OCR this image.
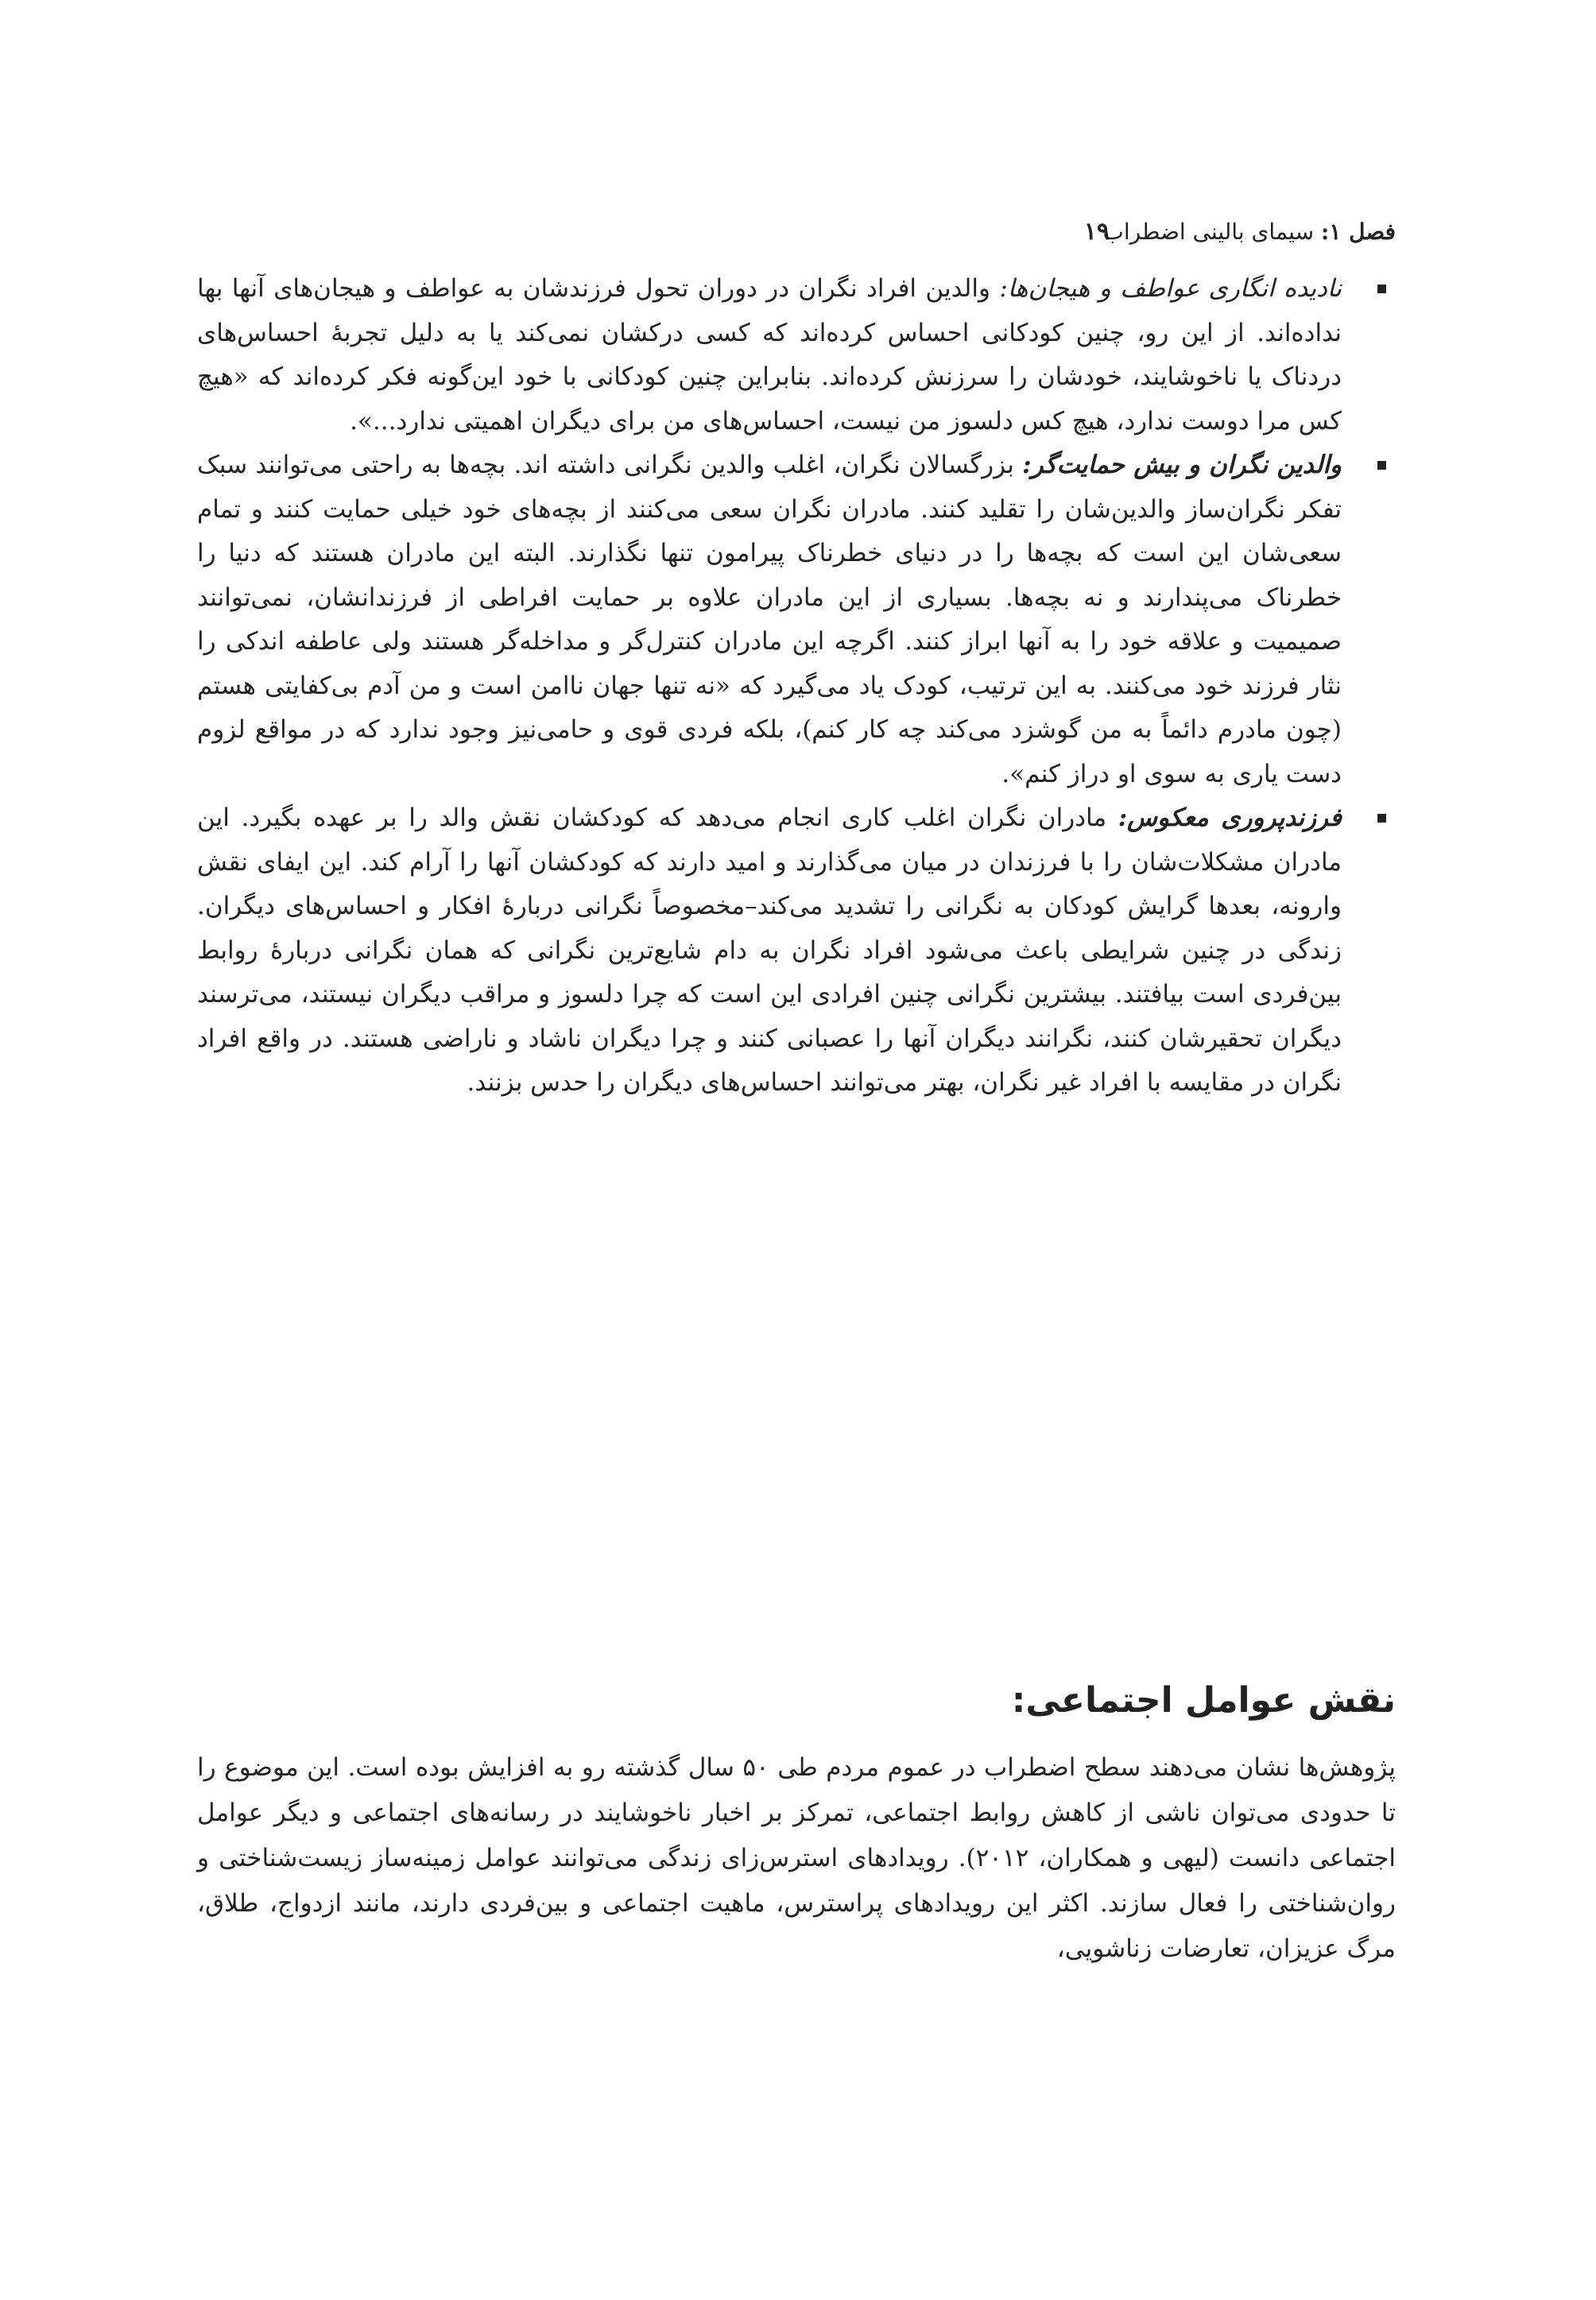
فصل ۱: سیمای بالینی اضطراب
۱۹
نادیده انگاری عواطف و هیجان‌ها: والدین افراد نگران در دوران تحول فرزندشان به عواطف و هیجان‌های آنها بها نداده‌اند. از این رو، چنین کودکانی احساس کرده‌اند که کسی درکشان نمی‌کند یا به دلیل تجربهٔ احساس‌های دردناک یا ناخوشایند، خودشان را سرزنش کرده‌اند. بنابراین چنین کودکانی با خود این‌گونه فکر کرده‌اند که «هیچ کس مرا دوست ندارد، هیچ کس دلسوز من نیست، احساس‌های من برای دیگران اهمیتی ندارد...».
والدین نگران و بیش حمایت‌گر: بزرگسالان نگران، اغلب والدین نگرانی داشته اند. بچه‌ها به راحتی می‌توانند سبک تفکر نگران‌ساز والدین‌شان را تقلید کنند. مادران نگران سعی می‌کنند از بچه‌های خود خیلی حمایت کنند و تمام سعی‌شان این است که بچه‌ها را در دنیای خطرناک پیرامون تنها نگذارند. البته این مادران هستند که دنیا را خطرناک می‌پندارند و نه بچه‌ها. بسیاری از این مادران علاوه بر حمایت افراطی از فرزندانشان، نمی‌توانند صمیمیت و علاقه خود را به آنها ابراز کنند. اگرچه این مادران کنترل‌گر و مداخله‌گر هستند ولی عاطفه اندکی را نثار فرزند خود می‌کنند. به این ترتیب، کودک یاد می‌گیرد که «نه تنها جهان ناامن است و من آدم بی‌کفایتی هستم (چون مادرم دائماً به من گوشزد می‌کند چه کار کنم)، بلکه فردی قوی و حامی‌نیز وجود ندارد که در مواقع لزوم دست یاری به سوی او دراز کنم».
فرزندپروری معکوس: مادران نگران اغلب کاری انجام می‌دهد که کودکشان نقش والد را بر عهده بگیرد. این مادران مشکلات‌شان را با فرزندان در میان می‌گذارند و امید دارند که کودکشان آنها را آرام کند. این ایفای نقش وارونه، بعدها گرایش کودکان به نگرانی را تشدید می‌کند–مخصوصاً نگرانی دربارهٔ افکار و احساس‌های دیگران. زندگی در چنین شرایطی باعث می‌شود افراد نگران به دام شایع‌ترین نگرانی که همان نگرانی دربارهٔ روابط بین‌فردی است بیافتند. بیشترین نگرانی چنین افرادی این است که چرا دلسوز و مراقب دیگران نیستند، می‌ترسند دیگران تحقیرشان کنند، نگرانند دیگران آنها را عصبانی کنند و چرا دیگران ناشاد و ناراضی هستند. در واقع افراد نگران در مقایسه با افراد غیر نگران، بهتر می‌توانند احساس‌های دیگران را حدس بزنند.
نقش عوامل اجتماعی:

پژوهش‌ها نشان می‌دهند سطح اضطراب در عموم مردم طی ۵۰ سال گذشته رو به افزایش بوده است. این موضوع را تا حدودی می‌توان ناشی از کاهش روابط اجتماعی، تمرکز بر اخبار ناخوشایند در رسانه‌های اجتماعی و دیگر عوامل اجتماعی دانست (لیهی و همکاران، ۲۰۱۲). رویدادهای استرس‌زای زندگی می‌توانند عوامل زمینه‌ساز زیست‌شناختی و روان‌شناختی را فعال سازند. اکثر این رویدادهای پراسترس، ماهیت اجتماعی و بین‌فردی دارند، مانند ازدواج، طلاق، مرگ عزیزان، تعارضات زناشویی،
